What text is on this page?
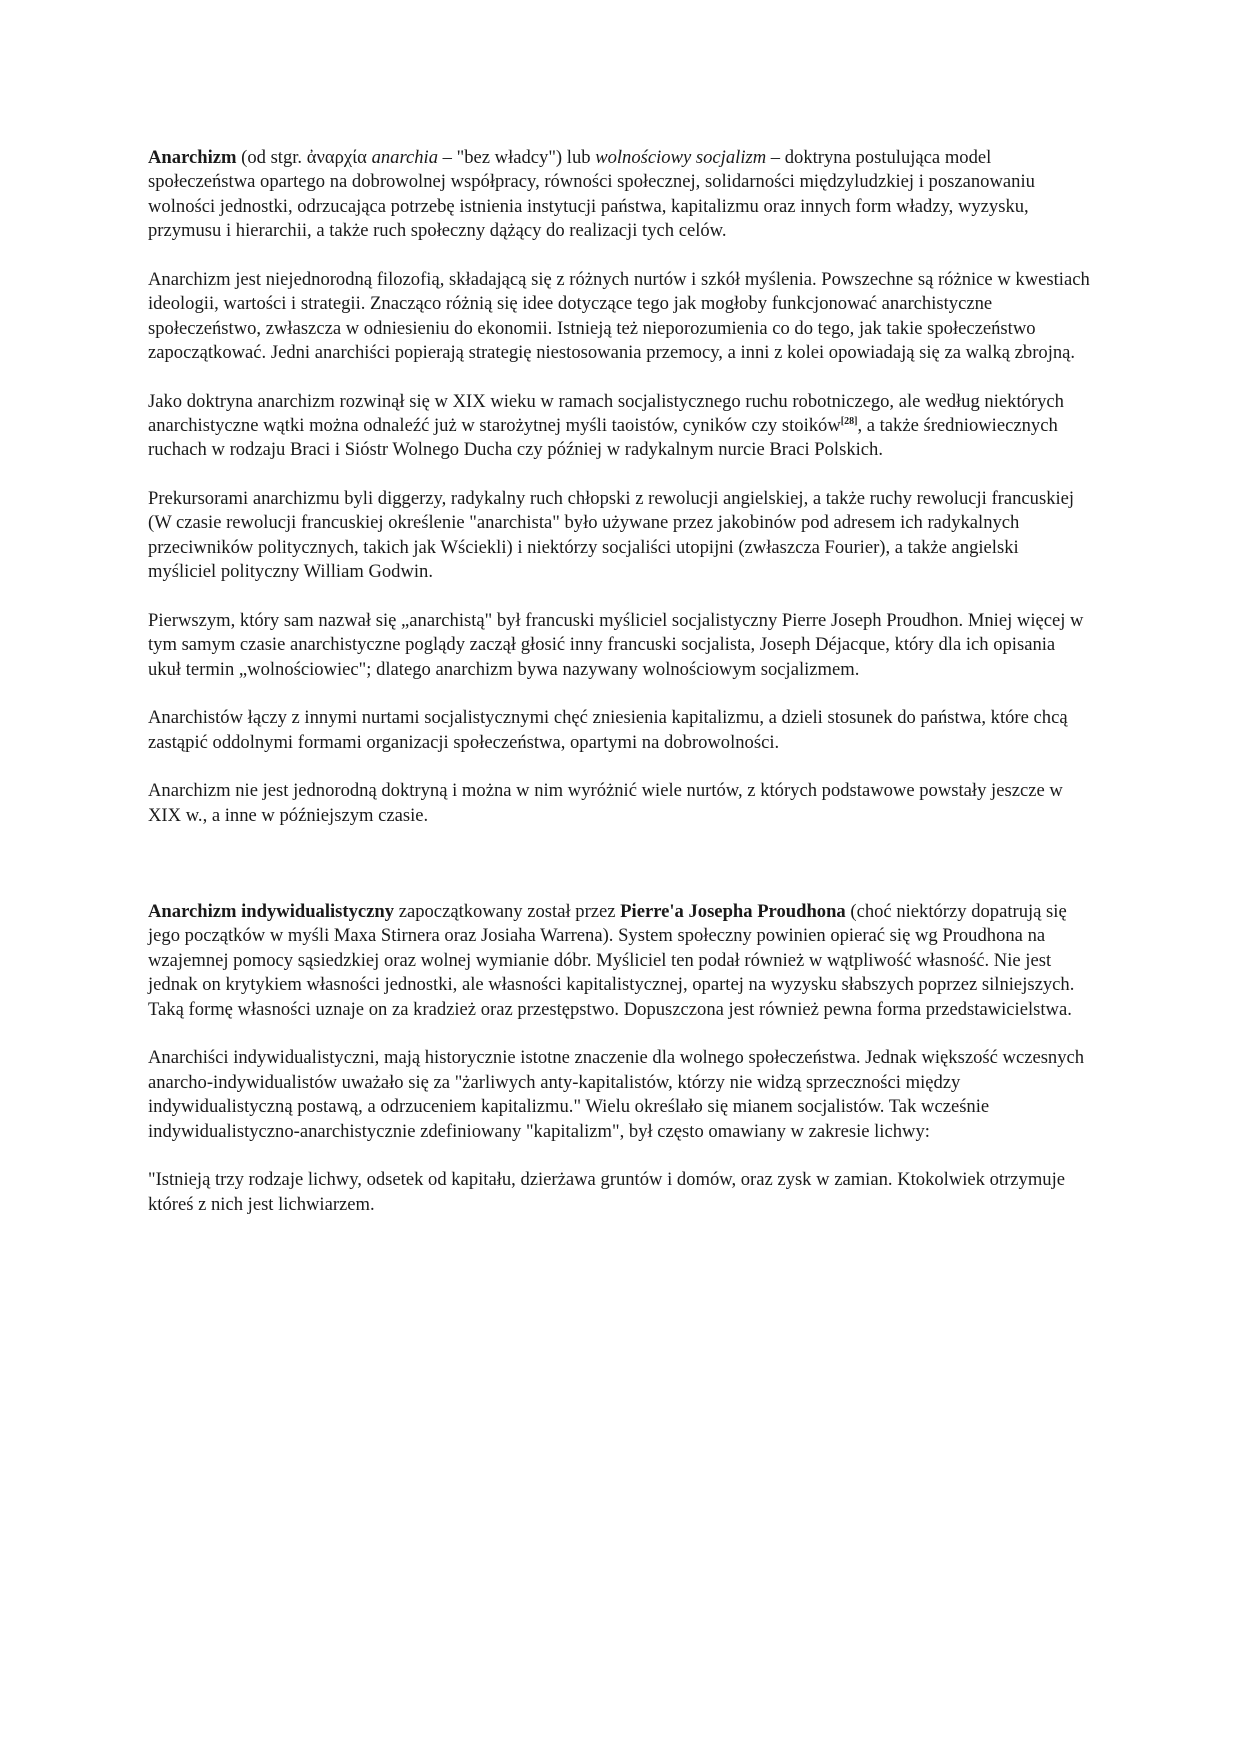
Anarchizm (od stgr. ἀναρχία anarchia – "bez władcy") lub wolnościowy socjalizm – doktryna postulująca model społeczeństwa opartego na dobrowolnej współpracy, równości społecznej, solidarności międzyludzkiej i poszanowaniu wolności jednostki, odrzucająca potrzebę istnienia instytucji państwa, kapitalizmu oraz innych form władzy, wyzysku, przymusu i hierarchii, a także ruch społeczny dążący do realizacji tych celów.

Anarchizm jest niejednorodną filozofią, składającą się z różnych nurtów i szkół myślenia. Powszechne są różnice w kwestiach ideologii, wartości i strategii. Znacząco różnią się idee dotyczące tego jak mogłoby funkcjonować anarchistyczne społeczeństwo, zwłaszcza w odniesieniu do ekonomii. Istnieją też nieporozumienia co do tego, jak takie społeczeństwo zapoczątkować. Jedni anarchiści popierają strategię niestosowania przemocy, a inni z kolei opowiadają się za walką zbrojną.

Jako doktryna anarchizm rozwinął się w XIX wieku w ramach socjalistycznego ruchu robotniczego, ale według niektórych anarchistyczne wątki można odnaleźć już w starożytnej myśli taoistów, cyników czy stoików[28], a także średniowiecznych ruchach w rodzaju Braci i Sióstr Wolnego Ducha czy później w radykalnym nurcie Braci Polskich.

Prekursorami anarchizmu byli diggerzy, radykalny ruch chłopski z rewolucji angielskiej, a także ruchy rewolucji francuskiej (W czasie rewolucji francuskiej określenie "anarchista" było używane przez jakobinów pod adresem ich radykalnych przeciwników politycznych, takich jak Wściekli) i niektórzy socjaliści utopijni (zwłaszcza Fourier), a także angielski myśliciel polityczny William Godwin.

Pierwszym, który sam nazwał się „anarchistą" był francuski myśliciel socjalistyczny Pierre Joseph Proudhon. Mniej więcej w tym samym czasie anarchistyczne poglądy zaczął głosić inny francuski socjalista, Joseph Déjacque, który dla ich opisania ukuł termin „wolnościowiec"; dlatego anarchizm bywa nazywany wolnościowym socjalizmem.

Anarchistów łączy z innymi nurtami socjalistycznymi chęć zniesienia kapitalizmu, a dzieli stosunek do państwa, które chcą zastąpić oddolnymi formami organizacji społeczeństwa, opartymi na dobrowolności.

Anarchizm nie jest jednorodną doktryną i można w nim wyróżnić wiele nurtów, z których podstawowe powstały jeszcze w XIX w., a inne w późniejszym czasie.

Anarchizm indywidualistyczny zapoczątkowany został przez Pierre'a Josepha Proudhona (choć niektórzy dopatrują się jego początków w myśli Maxa Stirnera oraz Josiaha Warrena). System społeczny powinien opierać się wg Proudhona na wzajemnej pomocy sąsiedzkiej oraz wolnej wymianie dóbr. Myśliciel ten podał również w wątpliwość własność. Nie jest jednak on krytykiem własności jednostki, ale własności kapitalistycznej, opartej na wyzysku słabszych poprzez silniejszych. Taką formę własności uznaje on za kradzież oraz przestępstwo. Dopuszczona jest również pewna forma przedstawicielstwa.

Anarchiści indywidualistyczni, mają historycznie istotne znaczenie dla wolnego społeczeństwa. Jednak większość wczesnych anarcho-indywidualistów uważało się za "żarliwych anty-kapitalistów, którzy nie widzą sprzeczności między indywidualistyczną postawą, a odrzuceniem kapitalizmu." Wielu określało się mianem socjalistów. Tak wcześnie indywidualistyczno-anarchistycznie zdefiniowany "kapitalizm", był często omawiany w zakresie lichwy:

"Istnieją trzy rodzaje lichwy, odsetek od kapitału, dzierżawa gruntów i domów, oraz zysk w zamian. Ktokolwiek otrzymuje któreś z nich jest lichwiarzem.
